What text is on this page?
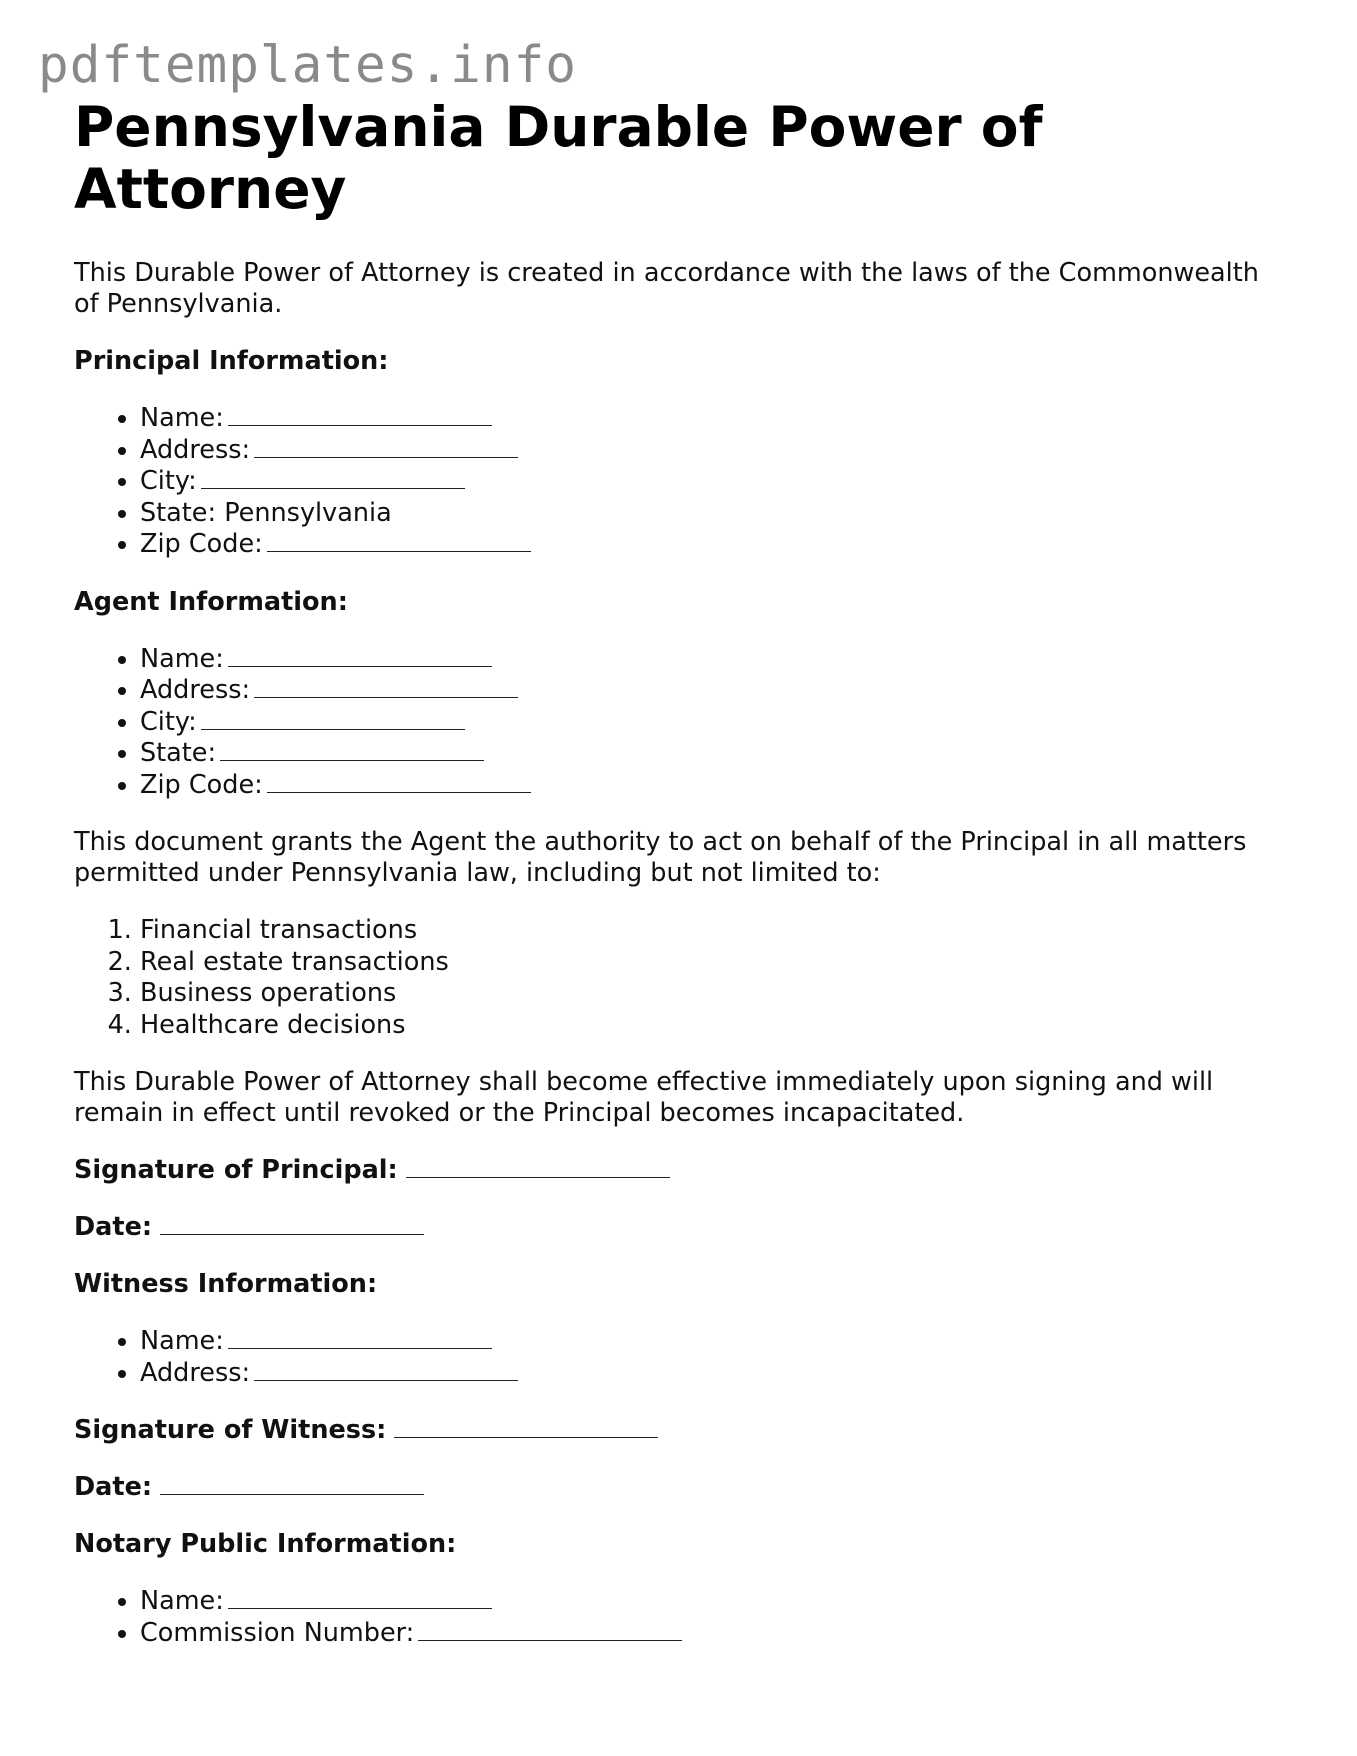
pdftemplates.info
Pennsylvania Durable Power of Attorney

This Durable Power of Attorney is created in accordance with the laws of the Commonwealth of Pennsylvania.

Principal Information:

• Name:
• Address:
• City:
• State: Pennsylvania
• Zip Code:

Agent Information:

• Name:
• Address:
• City:
• State:
• Zip Code:

This document grants the Agent the authority to act on behalf of the Principal in all matters permitted under Pennsylvania law, including but not limited to:

1. Financial transactions
2. Real estate transactions
3. Business operations
4. Healthcare decisions

This Durable Power of Attorney shall become effective immediately upon signing and will remain in effect until revoked or the Principal becomes incapacitated.

Signature of Principal:

Date:

Witness Information:

• Name:
• Address:

Signature of Witness:

Date:

Notary Public Information:

• Name:
• Commission Number:
